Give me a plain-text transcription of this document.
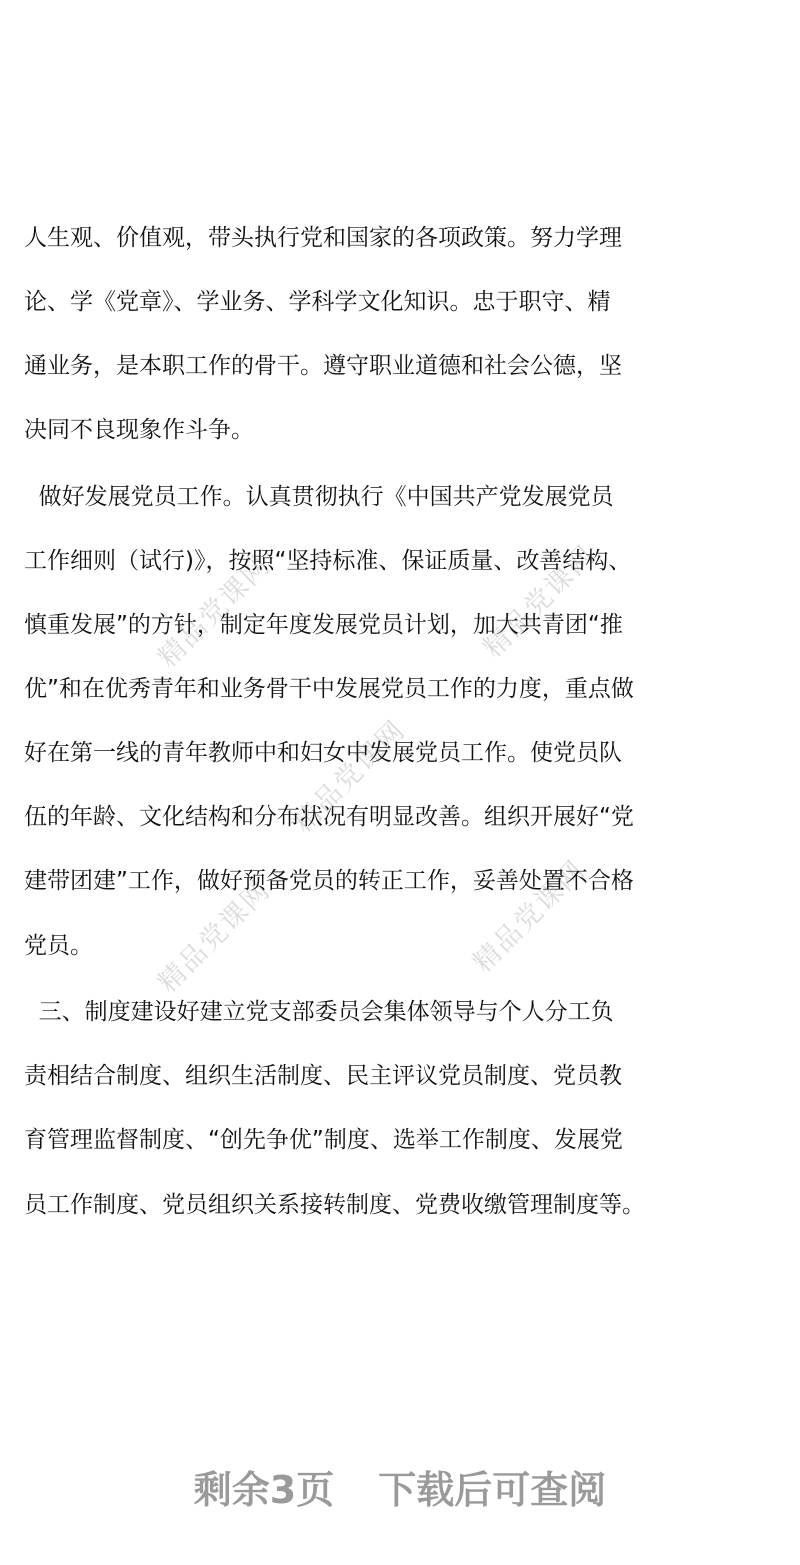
精品党课网	精品党课网
精品党课网
精品党课网	精品党课网
人生观、价值观，带头执行党和国家的各项政策。努力学理
论、学《党章》、学业务、学科学文化知识。忠于职守、精
通业务，是本职工作的骨干。遵守职业道德和社会公德，坚
决同不良现象作斗争。
做好发展党员工作。认真贯彻执行《中国共产党发展党员
工作细则（试行)》，按照“坚持标准、保证质量、改善结构、
慎重发展”的方针，制定年度发展党员计划，加大共青团“推
优”和在优秀青年和业务骨干中发展党员工作的力度，重点做
好在第一线的青年教师中和妇女中发展党员工作。使党员队
伍的年龄、文化结构和分布状况有明显改善。组织开展好“党
建带团建”工作，做好预备党员的转正工作，妥善处置不合格
党员。
三、制度建设好建立党支部委员会集体领导与个人分工负
责相结合制度、组织生活制度、民主评议党员制度、党员教
育管理监督制度、“创先争优”制度、选举工作制度、发展党
员工作制度、党员组织关系接转制度、党费收缴管理制度等。
剩余3页 下载后可查阅
